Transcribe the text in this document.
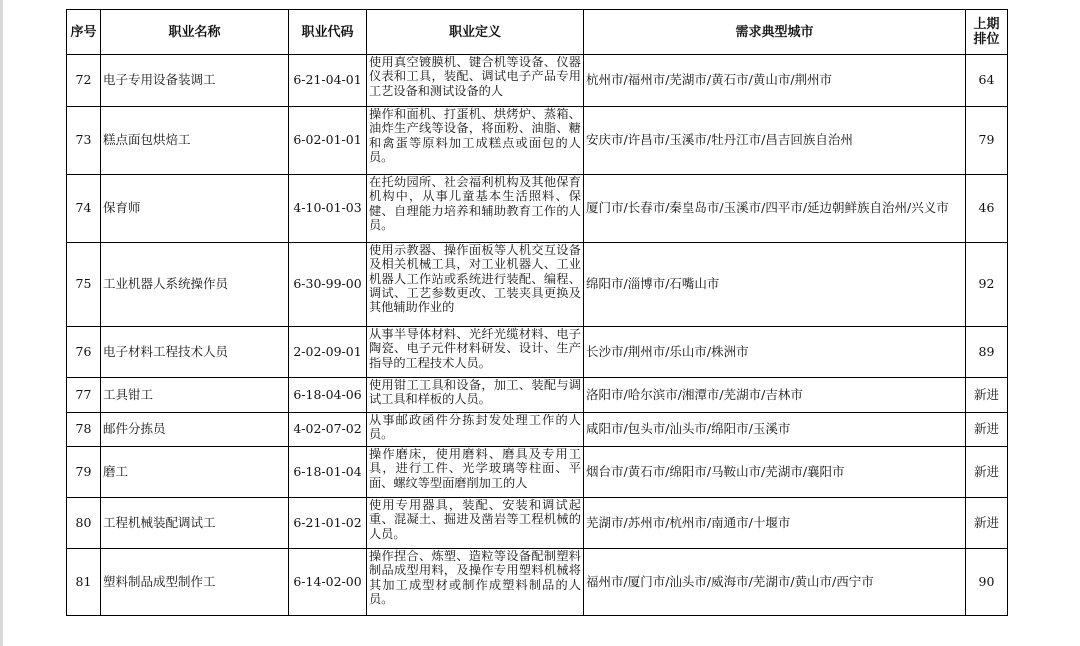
序号	职业名称	职业代码	职业定义	需求典型城市	上期排位
72	电子专用设备装调工	6-21-04-01	使用真空镀膜机、键合机等设备、仪器仪表和工具，装配、调试电子产品专用工艺设备和测试设备的人	杭州市/福州市/芜湖市/黄石市/黄山市/荆州市	64
73	糕点面包烘焙工	6-02-01-01	操作和面机、打蛋机、烘烤炉、蒸箱、油炸生产线等设备，将面粉、油脂、糖和禽蛋等原料加工成糕点或面包的人员。	安庆市/许昌市/玉溪市/牡丹江市/昌吉回族自治州	79
74	保育师	4-10-01-03	在托幼园所、社会福利机构及其他保育机构中，从事儿童基本生活照料、保健、自理能力培养和辅助教育工作的人员。	厦门市/长春市/秦皇岛市/玉溪市/四平市/延边朝鲜族自治州/兴义市	46
75	工业机器人系统操作员	6-30-99-00	使用示教器、操作面板等人机交互设备及相关机械工具，对工业机器人、工业机器人工作站或系统进行装配、编程、调试、工艺参数更改、工装夹具更换及其他辅助作业的	绵阳市/淄博市/石嘴山市	92
76	电子材料工程技术人员	2-02-09-01	从事半导体材料、光纤光缆材料、电子陶瓷、电子元件材料研发、设计、生产指导的工程技术人员。	长沙市/荆州市/乐山市/株洲市	89
77	工具钳工	6-18-04-06	使用钳工工具和设备，加工、装配与调试工具和样板的人员。	洛阳市/哈尔滨市/湘潭市/芜湖市/吉林市	新进
78	邮件分拣员	4-02-07-02	从事邮政函件分拣封发处理工作的人员。	咸阳市/包头市/汕头市/绵阳市/玉溪市	新进
79	磨工	6-18-01-04	操作磨床，使用磨料、磨具及专用工具，进行工件、光学玻璃等柱面、平面、螺纹等型面磨削加工的人	烟台市/黄石市/绵阳市/马鞍山市/芜湖市/襄阳市	新进
80	工程机械装配调试工	6-21-01-02	使用专用器具，装配、安装和调试起重、混凝土、掘进及凿岩等工程机械的人员。	芜湖市/苏州市/杭州市/南通市/十堰市	新进
81	塑料制品成型制作工	6-14-02-00	操作捏合、炼塑、造粒等设备配制塑料制品成型用料，及操作专用塑料机械将其加工成型材或制作成塑料制品的人员。	福州市/厦门市/汕头市/威海市/芜湖市/黄山市/西宁市	90
